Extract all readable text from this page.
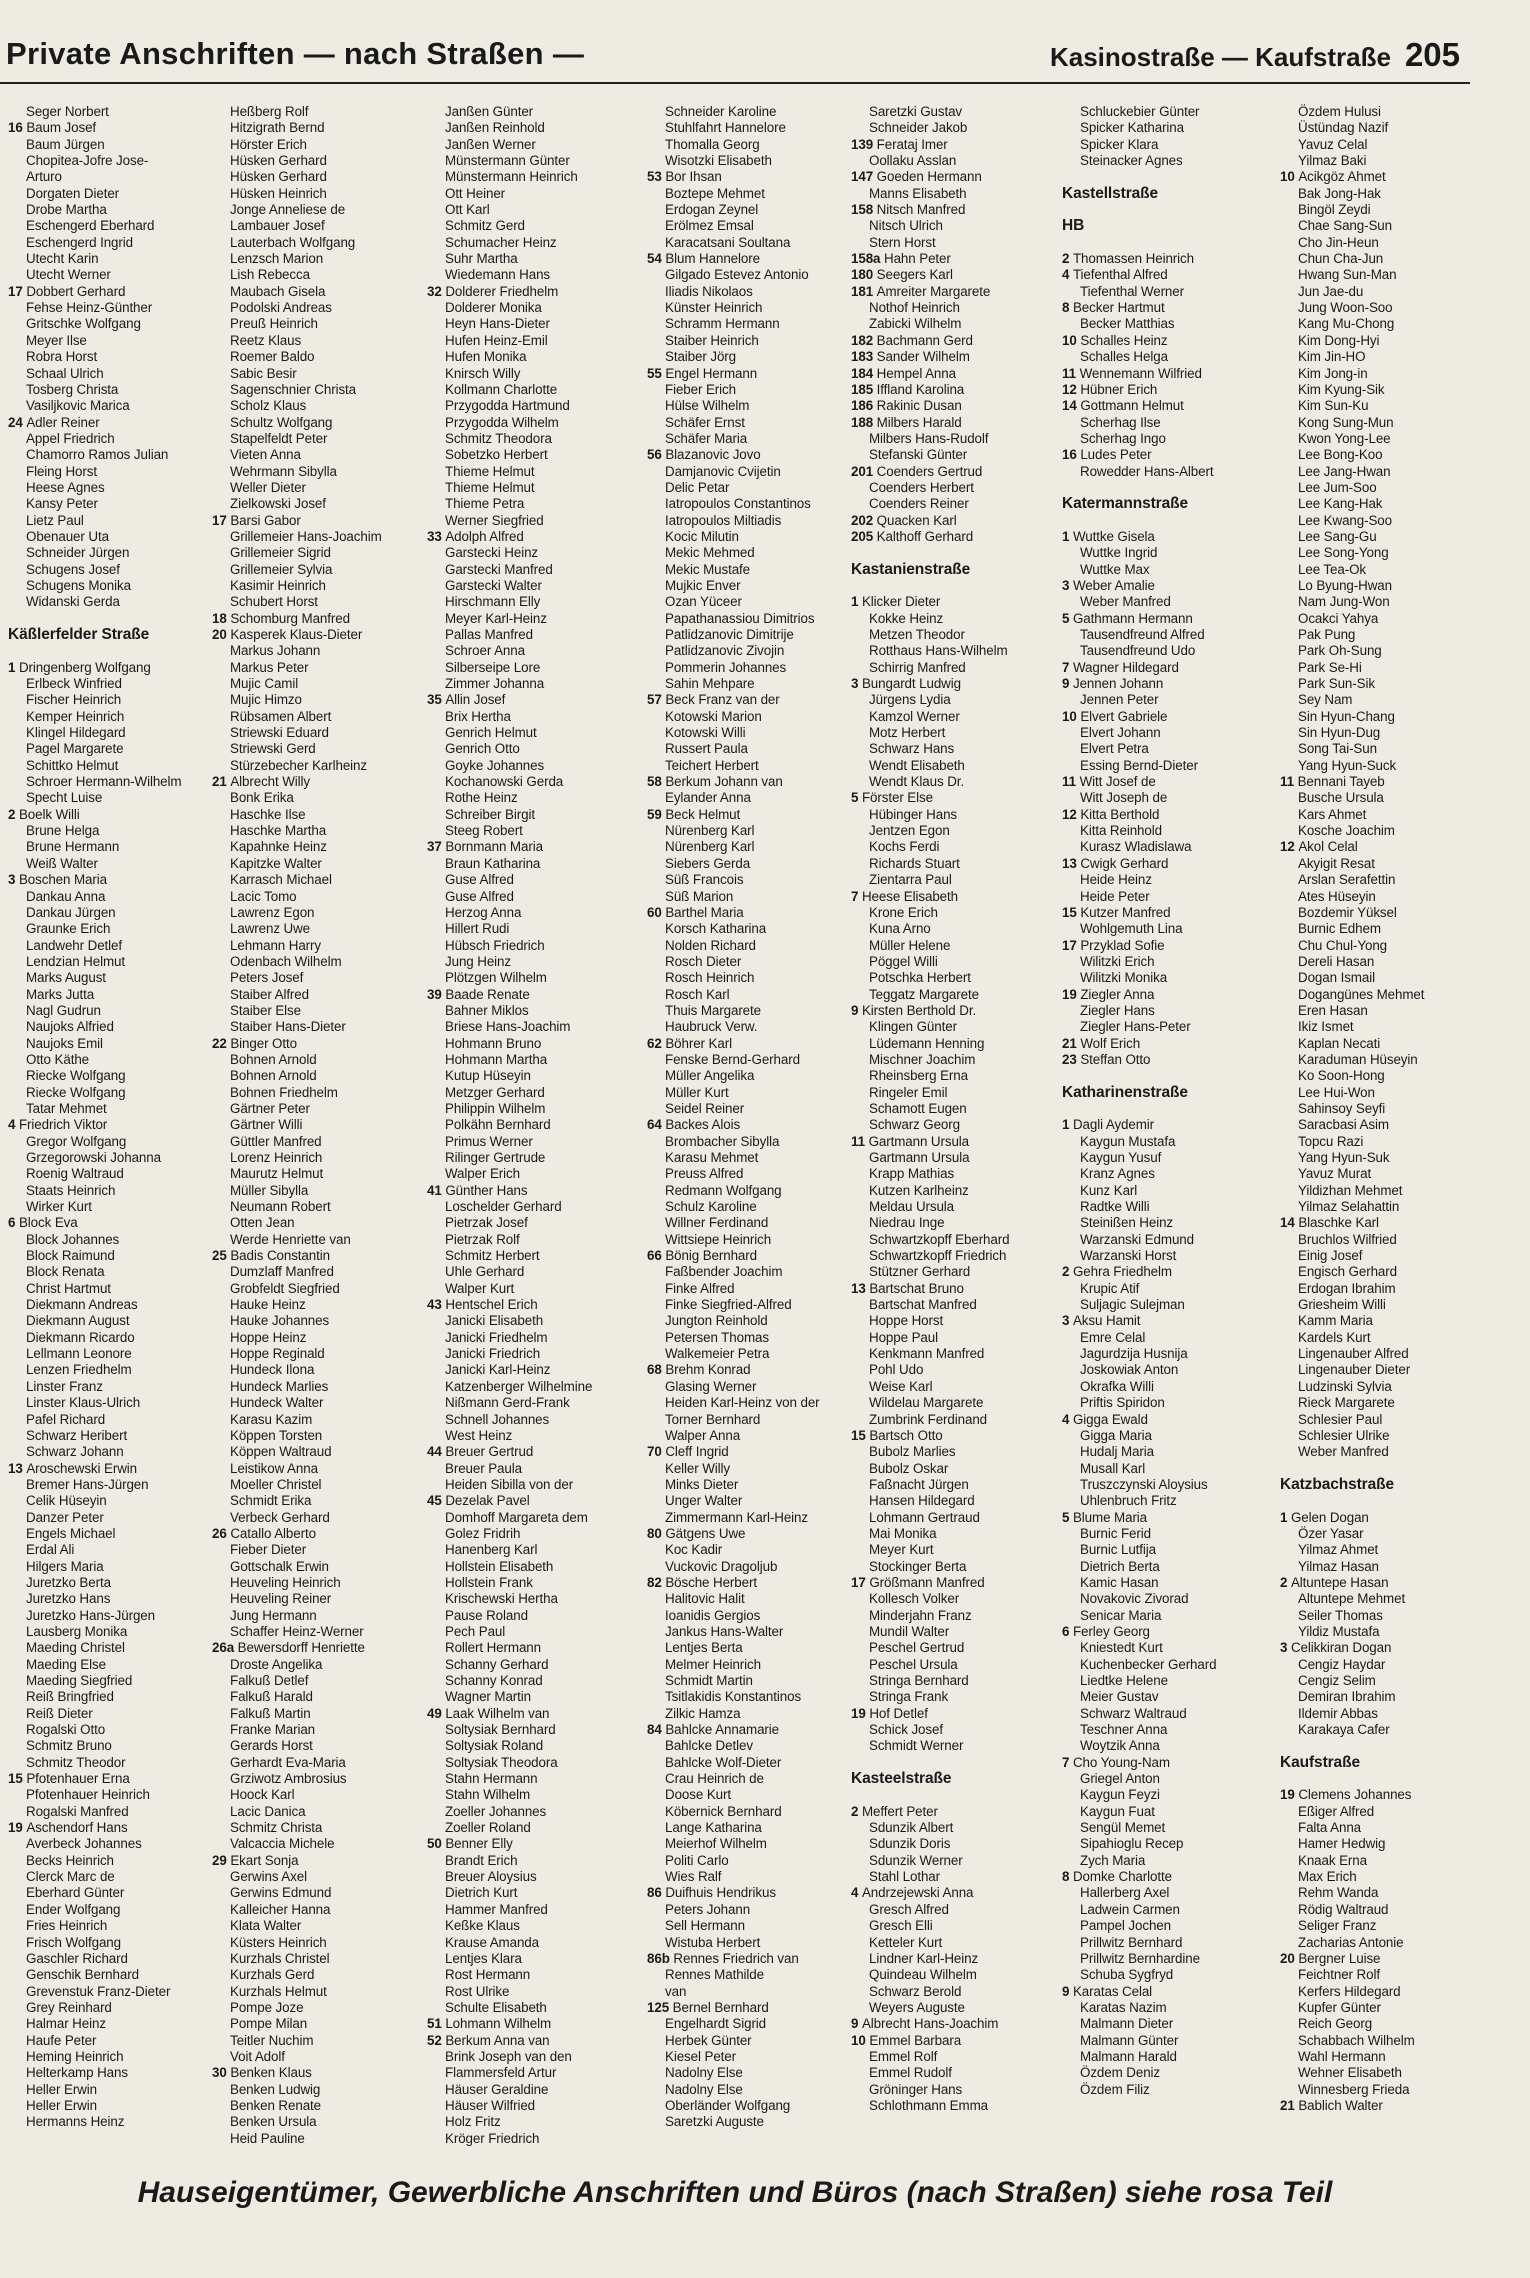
Private Anschriften — nach Straßen —	Kasinostraße — Kaufstraße 205
Seger Norbert
16 Baum Josef
Baum Jürgen
Chopitea-Jofre Jose-
Arturo
Dorgaten Dieter
Drobe Martha
Eschengerd Eberhard
Eschengerd Ingrid
Utecht Karin
Utecht Werner
17 Dobbert Gerhard
Fehse Heinz-Günther
Gritschke Wolfgang
Meyer Ilse
Robra Horst
Schaal Ulrich
Tosberg Christa
Vasiljkovic Marica
24 Adler Reiner
Appel Friedrich
Chamorro Ramos Julian
Fleing Horst
Heese Agnes
Kansy Peter
Lietz Paul
Obenauer Uta
Schneider Jürgen
Schugens Josef
Schugens Monika
Widanski Gerda
Käßlerfelder Straße
1 Dringenberg Wolfgang
Erlbeck Winfried
Fischer Heinrich
Kemper Heinrich
Klingel Hildegard
Pagel Margarete
Schittko Helmut
Schroer Hermann-Wilhelm
Specht Luise
2 Boelk Willi
Brune Helga
Brune Hermann
Weiß Walter
3 Boschen Maria
Dankau Anna
Dankau Jürgen
Graunke Erich
Landwehr Detlef
Lendzian Helmut
Marks August
Marks Jutta
Nagl Gudrun
Naujoks Alfried
Naujoks Emil
Otto Käthe
Riecke Wolfgang
Riecke Wolfgang
Tatar Mehmet
4 Friedrich Viktor
Gregor Wolfgang
Grzegorowski Johanna
Roenig Waltraud
Staats Heinrich
Wirker Kurt
6 Block Eva
Block Johannes
Block Raimund
Block Renata
Christ Hartmut
Diekmann Andreas
Diekmann August
Diekmann Ricardo
Lellmann Leonore
Lenzen Friedhelm
Linster Franz
Linster Klaus-Ulrich
Pafel Richard
Schwarz Heribert
Schwarz Johann
13 Aroschewski Erwin
Bremer Hans-Jürgen
Celik Hüseyin
Danzer Peter
Engels Michael
Erdal Ali
Hilgers Maria
Juretzko Berta
Juretzko Hans
Juretzko Hans-Jürgen
Lausberg Monika
Maeding Christel
Maeding Else
Maeding Siegfried
Reiß Bringfried
Reiß Dieter
Rogalski Otto
Schmitz Bruno
Schmitz Theodor
15 Pfotenhauer Erna
Pfotenhauer Heinrich
Rogalski Manfred
19 Aschendorf Hans
Averbeck Johannes
Becks Heinrich
Clerck Marc de
Eberhard Günter
Ender Wolfgang
Fries Heinrich
Frisch Wolfgang
Gaschler Richard
Genschik Bernhard
Grevenstuk Franz-Dieter
Grey Reinhard
Halmar Heinz
Haufe Peter
Heming Heinrich
Helterkamp Hans
Heller Erwin
Heller Erwin
Hermanns Heinz
Heßberg Rolf
Hitzigrath Bernd
Hörster Erich
Hüsken Gerhard
Hüsken Gerhard
Hüsken Heinrich
Jonge Anneliese de
Lambauer Josef
Lauterbach Wolfgang
Lenzsch Marion
Lish Rebecca
Maubach Gisela
Podolski Andreas
Preuß Heinrich
Reetz Klaus
Roemer Baldo
Sabic Besir
Sagenschnier Christa
Scholz Klaus
Schultz Wolfgang
Stapelfeldt Peter
Vieten Anna
Wehrmann Sibylla
Weller Dieter
Zielkowski Josef
17 Barsi Gabor
Grillemeier Hans-Joachim
Grillemeier Sigrid
Grillemeier Sylvia
Kasimir Heinrich
Schubert Horst
18 Schomburg Manfred
20 Kasperek Klaus-Dieter
Markus Johann
Markus Peter
Mujic Camil
Mujic Himzo
Rübsamen Albert
Striewski Eduard
Striewski Gerd
Stürzebecher Karlheinz
21 Albrecht Willy
Bonk Erika
Haschke Ilse
Haschke Martha
Kapahnke Heinz
Kapitzke Walter
Karrasch Michael
Lacic Tomo
Lawrenz Egon
Lawrenz Uwe
Lehmann Harry
Odenbach Wilhelm
Peters Josef
Staiber Alfred
Staiber Else
Staiber Hans-Dieter
22 Binger Otto
Bohnen Arnold
Bohnen Arnold
Bohnen Friedhelm
Gärtner Peter
Gärtner Willi
Güttler Manfred
Lorenz Heinrich
Maurutz Helmut
Müller Sibylla
Neumann Robert
Otten Jean
Werde Henriette van
25 Badis Constantin
Dumzlaff Manfred
Grobfeldt Siegfried
Hauke Heinz
Hauke Johannes
Hoppe Heinz
Hoppe Reginald
Hundeck Ilona
Hundeck Marlies
Hundeck Walter
Karasu Kazim
Köppen Torsten
Köppen Waltraud
Leistikow Anna
Moeller Christel
Schmidt Erika
Verbeck Gerhard
26 Catallo Alberto
Fieber Dieter
Gottschalk Erwin
Heuveling Heinrich
Heuveling Reiner
Jung Hermann
Schaffer Heinz-Werner
26a Bewersdorff Henriette
Droste Angelika
Falkuß Detlef
Falkuß Harald
Falkuß Martin
Franke Marian
Gerards Horst
Gerhardt Eva-Maria
Grziwotz Ambrosius
Hoock Karl
Lacic Danica
Schmitz Christa
Valcaccia Michele
29 Ekart Sonja
Gerwins Axel
Gerwins Edmund
Kalleicher Hanna
Klata Walter
Küsters Heinrich
Kurzhals Christel
Kurzhals Gerd
Kurzhals Helmut
Pompe Joze
Pompe Milan
Teitler Nuchim
Voit Adolf
30 Benken Klaus
Benken Ludwig
Benken Renate
Benken Ursula
Heid Pauline
Janßen Günter
Janßen Reinhold
Janßen Werner
Münstermann Günter
Münstermann Heinrich
Ott Heiner
Ott Karl
Schmitz Gerd
Schumacher Heinz
Suhr Martha
Wiedemann Hans
32 Dolderer Friedhelm
Dolderer Monika
Heyn Hans-Dieter
Hufen Heinz-Emil
Hufen Monika
Knirsch Willy
Kollmann Charlotte
Przygodda Hartmund
Przygodda Wilhelm
Schmitz Theodora
Sobetzko Herbert
Thieme Helmut
Thieme Helmut
Thieme Petra
Werner Siegfried
33 Adolph Alfred
Garstecki Heinz
Garstecki Manfred
Garstecki Walter
Hirschmann Elly
Meyer Karl-Heinz
Pallas Manfred
Schroer Anna
Silberseipe Lore
Zimmer Johanna
35 Allin Josef
Brix Hertha
Genrich Helmut
Genrich Otto
Goyke Johannes
Kochanowski Gerda
Rothe Heinz
Schreiber Birgit
Steeg Robert
37 Bornmann Maria
Braun Katharina
Guse Alfred
Guse Alfred
Herzog Anna
Hillert Rudi
Hübsch Friedrich
Jung Heinz
Plötzgen Wilhelm
39 Baade Renate
Bahner Miklos
Briese Hans-Joachim
Hohmann Bruno
Hohmann Martha
Kutup Hüseyin
Metzger Gerhard
Philippin Wilhelm
Polkähn Bernhard
Primus Werner
Rilinger Gertrude
Walper Erich
41 Günther Hans
Loschelder Gerhard
Pietrzak Josef
Pietrzak Rolf
Schmitz Herbert
Uhle Gerhard
Walper Kurt
43 Hentschel Erich
Janicki Elisabeth
Janicki Friedhelm
Janicki Friedrich
Janicki Karl-Heinz
Katzenberger Wilhelmine
Nißmann Gerd-Frank
Schnell Johannes
West Heinz
44 Breuer Gertrud
Breuer Paula
Heiden Sibilla von der
45 Dezelak Pavel
Domhoff Margareta dem
Golez Fridrih
Hanenberg Karl
Hollstein Elisabeth
Hollstein Frank
Krischewski Hertha
Pause Roland
Pech Paul
Rollert Hermann
Schanny Gerhard
Schanny Konrad
Wagner Martin
49 Laak Wilhelm van
Soltysiak Bernhard
Soltysiak Roland
Soltysiak Theodora
Stahn Hermann
Stahn Wilhelm
Zoeller Johannes
Zoeller Roland
50 Benner Elly
Brandt Erich
Breuer Aloysius
Dietrich Kurt
Hammer Manfred
Keßke Klaus
Krause Amanda
Lentjes Klara
Rost Hermann
Rost Ulrike
Schulte Elisabeth
51 Lohmann Wilhelm
52 Berkum Anna van
Brink Joseph van den
Flammersfeld Artur
Häuser Geraldine
Häuser Wilfried
Holz Fritz
Kröger Friedrich
Schneider Karoline
Stuhlfahrt Hannelore
Thomalla Georg
Wisotzki Elisabeth
53 Bor Ihsan
Boztepe Mehmet
Erdogan Zeynel
Erölmez Emsal
Karacatsani Soultana
54 Blum Hannelore
Gilgado Estevez Antonio
Iliadis Nikolaos
Künster Heinrich
Schramm Hermann
Staiber Heinrich
Staiber Jörg
55 Engel Hermann
Fieber Erich
Hülse Wilhelm
Schäfer Ernst
Schäfer Maria
56 Blazanovic Jovo
Damjanovic Cvijetin
Delic Petar
Iatropoulos Constantinos
Iatropoulos Miltiadis
Kocic Milutin
Mekic Mehmed
Mekic Mustafe
Mujkic Enver
Ozan Yüceer
Papathanassiou Dimitrios
Patlidzanovic Dimitrije
Patlidzanovic Zivojin
Pommerin Johannes
Sahin Mehpare
57 Beck Franz van der
Kotowski Marion
Kotowski Willi
Russert Paula
Teichert Herbert
58 Berkum Johann van
Eylander Anna
59 Beck Helmut
Nürenberg Karl
Nürenberg Karl
Siebers Gerda
Süß Francois
Süß Marion
60 Barthel Maria
Korsch Katharina
Nolden Richard
Rosch Dieter
Rosch Heinrich
Rosch Karl
Thuis Margarete
Haubruck Verw.
62 Böhrer Karl
Fenske Bernd-Gerhard
Müller Angelika
Müller Kurt
Seidel Reiner
64 Backes Alois
Brombacher Sibylla
Karasu Mehmet
Preuss Alfred
Redmann Wolfgang
Schulz Karoline
Willner Ferdinand
Wittsiepe Heinrich
66 Bönig Bernhard
Faßbender Joachim
Finke Alfred
Finke Siegfried-Alfred
Jungton Reinhold
Petersen Thomas
Walkemeier Petra
68 Brehm Konrad
Glasing Werner
Heiden Karl-Heinz von der
Torner Bernhard
Walper Anna
70 Cleff Ingrid
Keller Willy
Minks Dieter
Unger Walter
Zimmermann Karl-Heinz
80 Gätgens Uwe
Koc Kadir
Vuckovic Dragoljub
82 Bösche Herbert
Halitovic Halit
Ioanidis Gergios
Jankus Hans-Walter
Lentjes Berta
Melmer Heinrich
Schmidt Martin
Tsitlakidis Konstantinos
Zilkic Hamza
84 Bahlcke Annamarie
Bahlcke Detlev
Bahlcke Wolf-Dieter
Crau Heinrich de
Doose Kurt
Köbernick Bernhard
Lange Katharina
Meierhof Wilhelm
Politi Carlo
Wies Ralf
86 Duifhuis Hendrikus
Peters Johann
Sell Hermann
Wistuba Herbert
86b Rennes Friedrich van
Rennes Mathilde
van
125 Bernel Bernhard
Engelhardt Sigrid
Herbek Günter
Kiesel Peter
Nadolny Else
Nadolny Else
Oberländer Wolfgang
Saretzki Auguste
Saretzki Gustav
Schneider Jakob
139 Ferataj Imer
Oollaku Asslan
147 Goeden Hermann
Manns Elisabeth
158 Nitsch Manfred
Nitsch Ulrich
Stern Horst
158a Hahn Peter
180 Seegers Karl
181 Amreiter Margarete
Nothof Heinrich
Zabicki Wilhelm
182 Bachmann Gerd
183 Sander Wilhelm
184 Hempel Anna
185 Iffland Karolina
186 Rakinic Dusan
188 Milbers Harald
Milbers Hans-Rudolf
Stefanski Günter
201 Coenders Gertrud
Coenders Herbert
Coenders Reiner
202 Quacken Karl
205 Kalthoff Gerhard
Kastanienstraße
1 Klicker Dieter
Kokke Heinz
Metzen Theodor
Rotthaus Hans-Wilhelm
Schirrig Manfred
3 Bungardt Ludwig
Jürgens Lydia
Kamzol Werner
Motz Herbert
Schwarz Hans
Wendt Elisabeth
Wendt Klaus Dr.
5 Förster Else
Hübinger Hans
Jentzen Egon
Kochs Ferdi
Richards Stuart
Zientarra Paul
7 Heese Elisabeth
Krone Erich
Kuna Arno
Müller Helene
Pöggel Willi
Potschka Herbert
Teggatz Margarete
9 Kirsten Berthold Dr.
Klingen Günter
Lüdemann Henning
Mischner Joachim
Rheinsberg Erna
Ringeler Emil
Schamott Eugen
Schwarz Georg
11 Gartmann Ursula
Gartmann Ursula
Krapp Mathias
Kutzen Karlheinz
Meldau Ursula
Niedrau Inge
Schwartzkopff Eberhard
Schwartzkopff Friedrich
Stützner Gerhard
13 Bartschat Bruno
Bartschat Manfred
Hoppe Horst
Hoppe Paul
Kenkmann Manfred
Pohl Udo
Weise Karl
Wildelau Margarete
Zumbrink Ferdinand
15 Bartsch Otto
Bubolz Marlies
Bubolz Oskar
Faßnacht Jürgen
Hansen Hildegard
Lohmann Gertraud
Mai Monika
Meyer Kurt
Stockinger Berta
17 Größmann Manfred
Kollesch Volker
Minderjahn Franz
Mundil Walter
Peschel Gertrud
Peschel Ursula
Stringa Bernhard
Stringa Frank
19 Hof Detlef
Schick Josef
Schmidt Werner
Kasteelstraße
2 Meffert Peter
Sdunzik Albert
Sdunzik Doris
Sdunzik Werner
Stahl Lothar
4 Andrzejewski Anna
Gresch Alfred
Gresch Elli
Ketteler Kurt
Lindner Karl-Heinz
Quindeau Wilhelm
Schwarz Berold
Weyers Auguste
9 Albrecht Hans-Joachim
10 Emmel Barbara
Emmel Rolf
Emmel Rudolf
Gröninger Hans
Schlothmann Emma
Schluckebier Günter
Spicker Katharina
Spicker Klara
Steinacker Agnes
Kastellstraße
HB
2 Thomassen Heinrich
4 Tiefenthal Alfred
Tiefenthal Werner
8 Becker Hartmut
Becker Matthias
10 Schalles Heinz
Schalles Helga
11 Wennemann Wilfried
12 Hübner Erich
14 Gottmann Helmut
Scherhag Ilse
Scherhag Ingo
16 Ludes Peter
Rowedder Hans-Albert
Katermannstraße
1 Wuttke Gisela
Wuttke Ingrid
Wuttke Max
3 Weber Amalie
Weber Manfred
5 Gathmann Hermann
Tausendfreund Alfred
Tausendfreund Udo
7 Wagner Hildegard
9 Jennen Johann
Jennen Peter
10 Elvert Gabriele
Elvert Johann
Elvert Petra
Essing Bernd-Dieter
11 Witt Josef de
Witt Joseph de
12 Kitta Berthold
Kitta Reinhold
Kurasz Wladislawa
13 Cwigk Gerhard
Heide Heinz
Heide Peter
15 Kutzer Manfred
Wohlgemuth Lina
17 Przyklad Sofie
Wilitzki Erich
Wilitzki Monika
19 Ziegler Anna
Ziegler Hans
Ziegler Hans-Peter
21 Wolf Erich
23 Steffan Otto
Katharinenstraße
1 Dagli Aydemir
Kaygun Mustafa
Kaygun Yusuf
Kranz Agnes
Kunz Karl
Radtke Willi
Steinißen Heinz
Warzanski Edmund
Warzanski Horst
2 Gehra Friedhelm
Krupic Atif
Suljagic Sulejman
3 Aksu Hamit
Emre Celal
Jagurdzija Husnija
Joskowiak Anton
Okrafka Willi
Priftis Spiridon
4 Gigga Ewald
Gigga Maria
Hudalj Maria
Musall Karl
Truszczynski Aloysius
Uhlenbruch Fritz
5 Blume Maria
Burnic Ferid
Burnic Lutfija
Dietrich Berta
Kamic Hasan
Novakovic Zivorad
Senicar Maria
6 Ferley Georg
Kniestedt Kurt
Kuchenbecker Gerhard
Liedtke Helene
Meier Gustav
Schwarz Waltraud
Teschner Anna
Woytzik Anna
7 Cho Young-Nam
Griegel Anton
Kaygun Feyzi
Kaygun Fuat
Sengül Memet
Sipahioglu Recep
Zych Maria
8 Domke Charlotte
Hallerberg Axel
Ladwein Carmen
Pampel Jochen
Prillwitz Bernhard
Prillwitz Bernhardine
Schuba Sygfryd
9 Karatas Celal
Karatas Nazim
Malmann Dieter
Malmann Günter
Malmann Harald
Özdem Deniz
Özdem Filiz
Özdem Hulusi
Üstündag Nazif
Yavuz Celal
Yilmaz Baki
10 Acikgöz Ahmet
Bak Jong-Hak
Bingöl Zeydi
Chae Sang-Sun
Cho Jin-Heun
Chun Cha-Jun
Hwang Sun-Man
Jun Jae-du
Jung Woon-Soo
Kang Mu-Chong
Kim Dong-Hyi
Kim Jin-HO
Kim Jong-in
Kim Kyung-Sik
Kim Sun-Ku
Kong Sung-Mun
Kwon Yong-Lee
Lee Bong-Koo
Lee Jang-Hwan
Lee Jum-Soo
Lee Kang-Hak
Lee Kwang-Soo
Lee Sang-Gu
Lee Song-Yong
Lee Tea-Ok
Lo Byung-Hwan
Nam Jung-Won
Ocakci Yahya
Pak Pung
Park Oh-Sung
Park Se-Hi
Park Sun-Sik
Sey Nam
Sin Hyun-Chang
Sin Hyun-Dug
Song Tai-Sun
Yang Hyun-Suck
11 Bennani Tayeb
Busche Ursula
Kars Ahmet
Kosche Joachim
12 Akol Celal
Akyigit Resat
Arslan Serafettin
Ates Hüseyin
Bozdemir Yüksel
Burnic Edhem
Chu Chul-Yong
Dereli Hasan
Dogan Ismail
Dogangünes Mehmet
Eren Hasan
Ikiz Ismet
Kaplan Necati
Karaduman Hüseyin
Ko Soon-Hong
Lee Hui-Won
Sahinsoy Seyfi
Saracbasi Asim
Topcu Razi
Yang Hyun-Suk
Yavuz Murat
Yildizhan Mehmet
Yilmaz Selahattin
14 Blaschke Karl
Bruchlos Wilfried
Einig Josef
Engisch Gerhard
Erdogan Ibrahim
Griesheim Willi
Kamm Maria
Kardels Kurt
Lingenauber Alfred
Lingenauber Dieter
Ludzinski Sylvia
Rieck Margarete
Schlesier Paul
Schlesier Ulrike
Weber Manfred
Katzbachstraße
1 Gelen Dogan
Özer Yasar
Yilmaz Ahmet
Yilmaz Hasan
2 Altuntepe Hasan
Altuntepe Mehmet
Seiler Thomas
Yildiz Mustafa
3 Celikkiran Dogan
Cengiz Haydar
Cengiz Selim
Demiran Ibrahim
Ildemir Abbas
Karakaya Cafer
Kaufstraße
19 Clemens Johannes
Eßiger Alfred
Falta Anna
Hamer Hedwig
Knaak Erna
Max Erich
Rehm Wanda
Rödig Waltraud
Seliger Franz
Zacharias Antonie
20 Bergner Luise
Feichtner Rolf
Kerfers Hildegard
Kupfer Günter
Reich Georg
Schabbach Wilhelm
Wahl Hermann
Wehner Elisabeth
Winnesberg Frieda
21 Bablich Walter
Hauseigentümer, Gewerbliche Anschriften und Büros (nach Straßen) siehe rosa Teil
